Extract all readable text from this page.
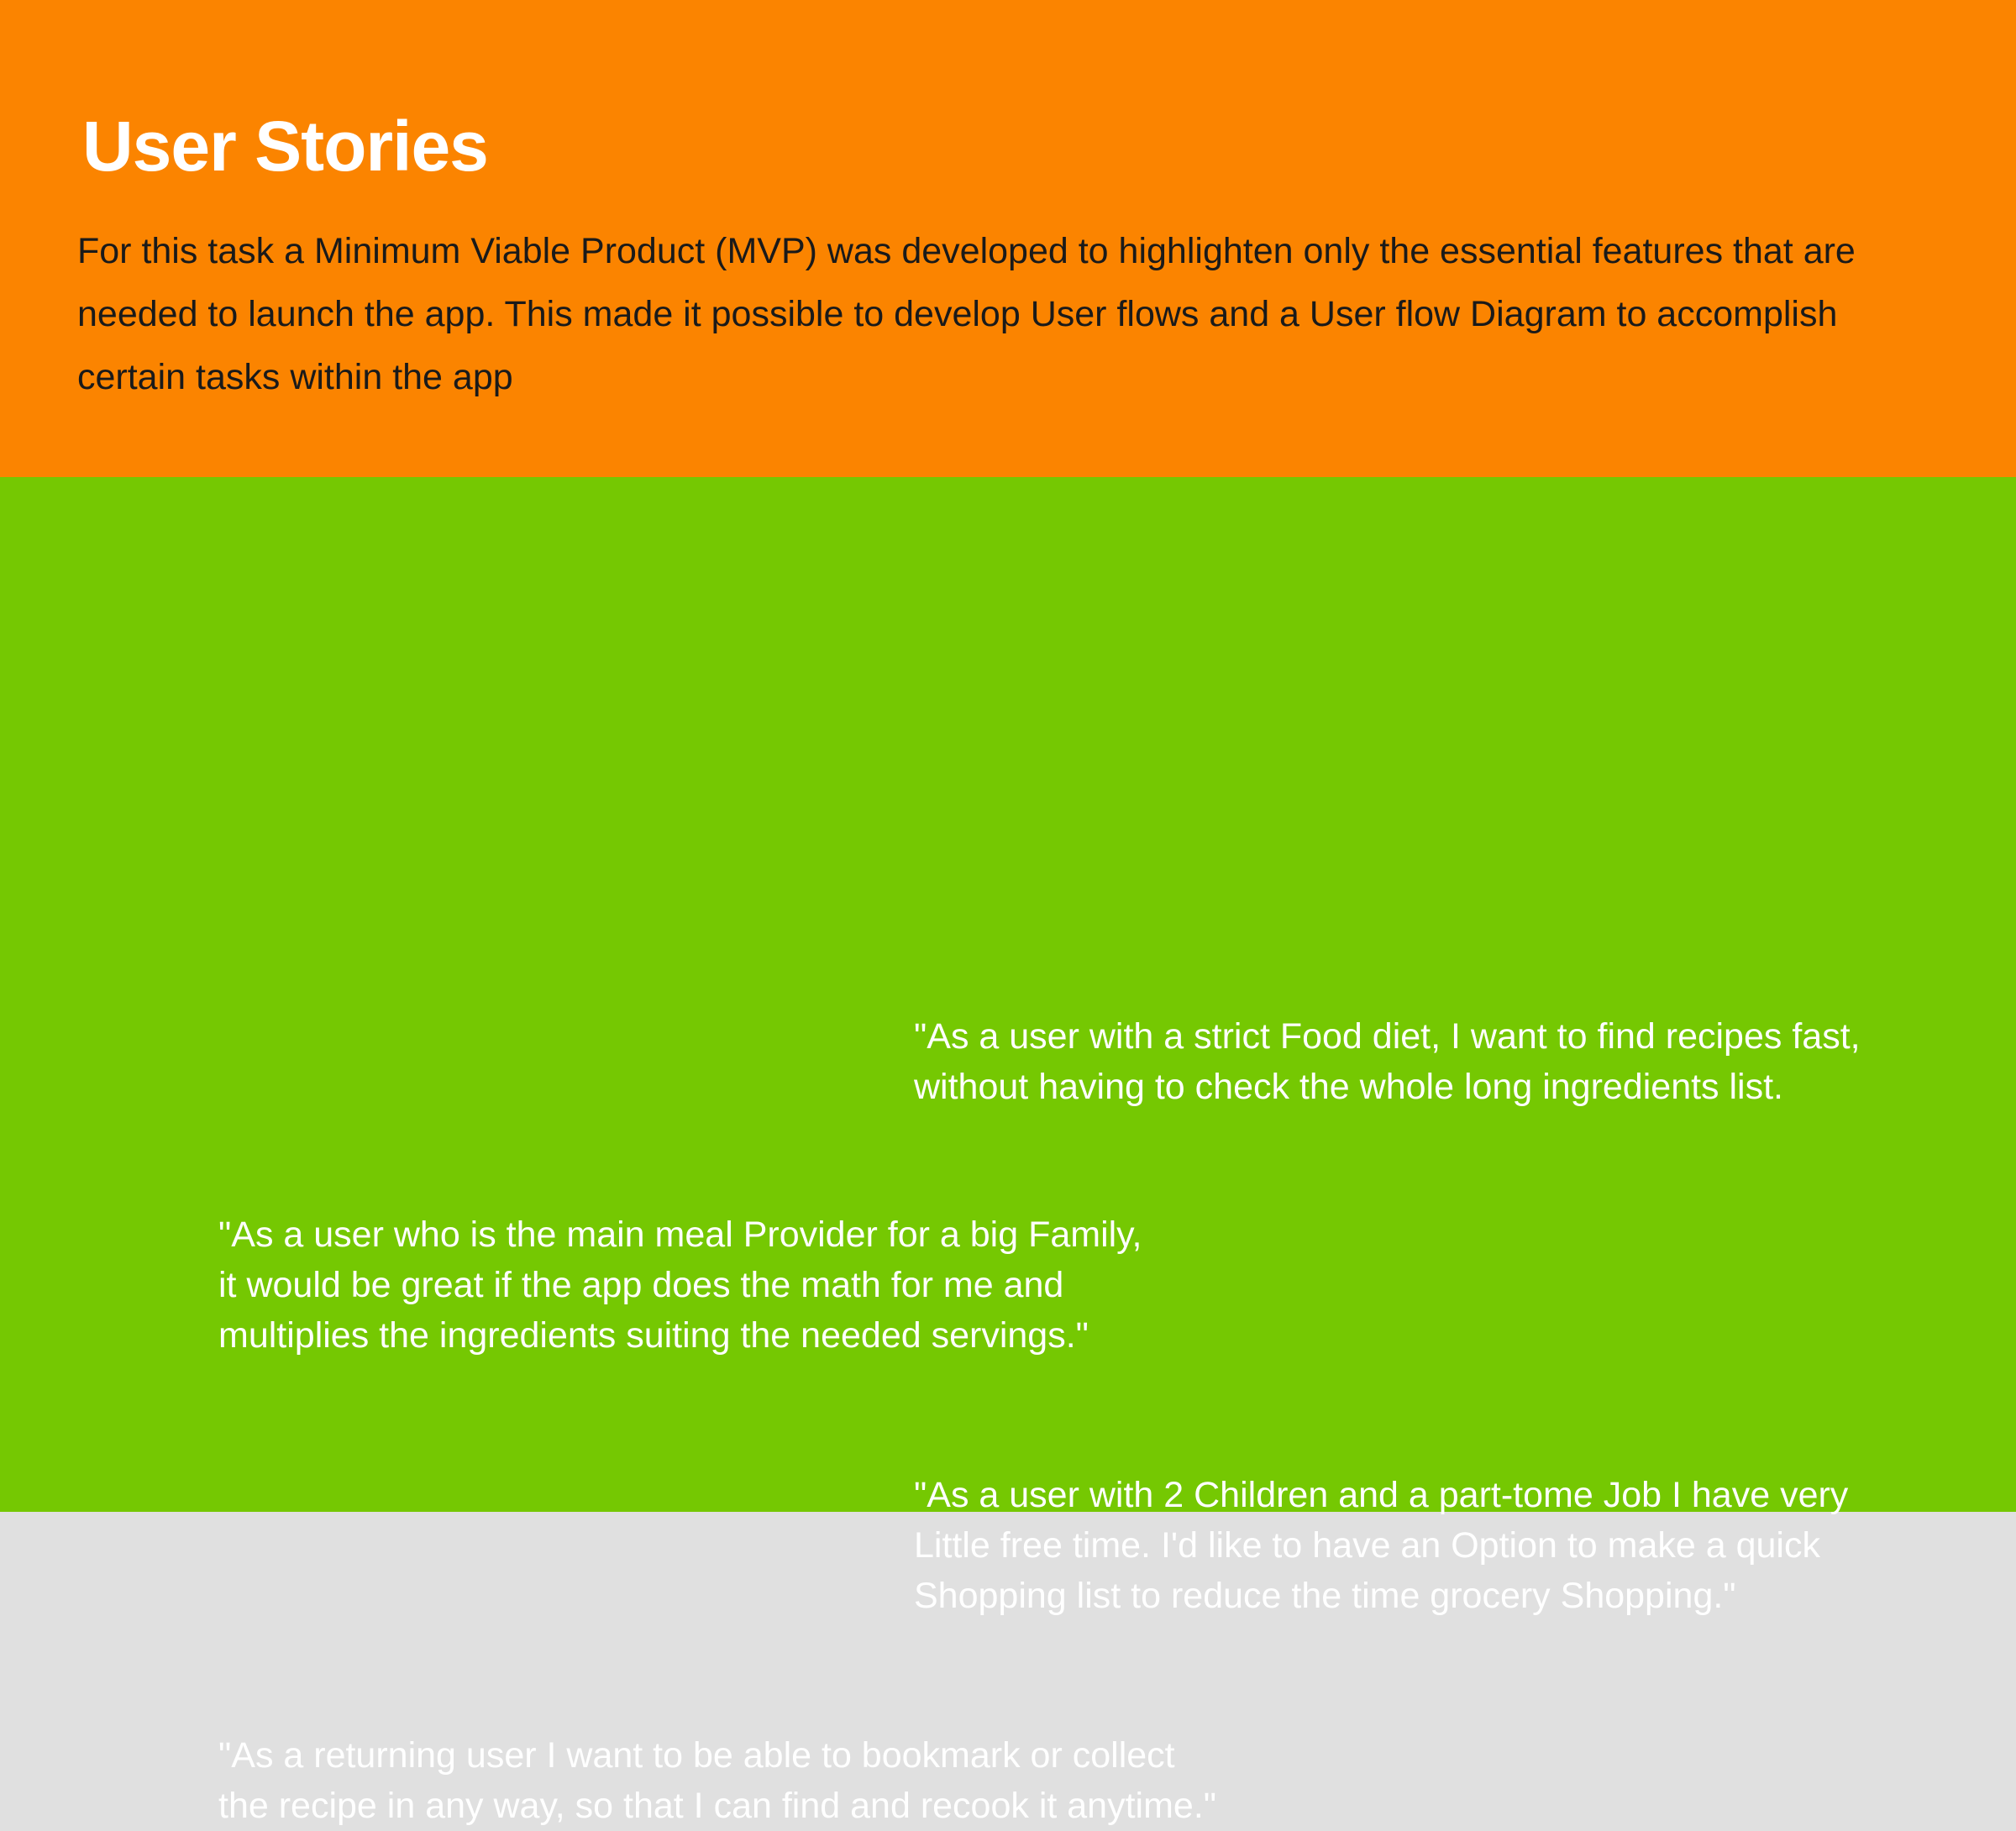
User Stories
For this task a Minimum Viable Product (MVP) was developed to highlighten only the essential features that are
needed to launch the app. This made it possible to develop User flows and a User flow Diagram to accomplish
certain tasks within the app
"As a user with a strict Food diet, I want to find recipes fast,
without having to check the whole long ingredients list.
"As a user who is the main meal Provider for a big Family,
it would be great if the app does the math for me and
multiplies the ingredients suiting the needed servings."
"As a user with 2 Children and a part-tome Job I have very
Little free time. I'd like to have an Option to make a quick
Shopping list to reduce the time grocery Shopping."
"As a returning user I want to be able to bookmark or collect
the recipe in any way, so that I can find and recook it anytime."
